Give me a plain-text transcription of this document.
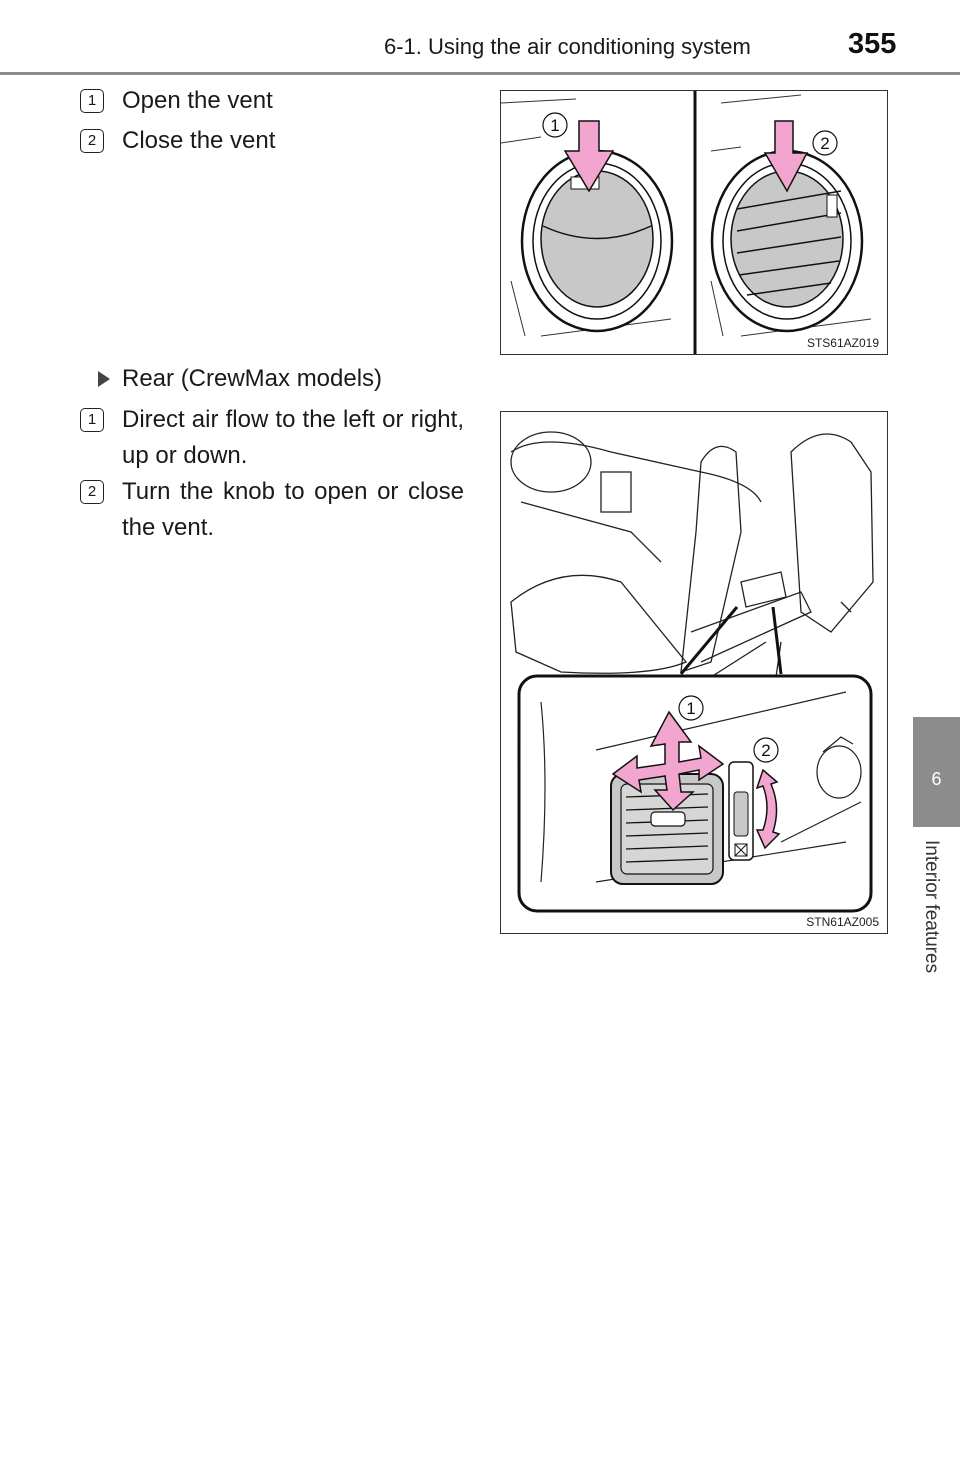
6-1. Using the air conditioning system	355
6
Interior features
1	Open the vent
2	Close the vent
1
2
STS61AZ019
Rear (CrewMax models)
1	Direct air flow to the left or right, up or down.
2	Turn the knob to open or close the vent.
1
2
STN61AZ005
